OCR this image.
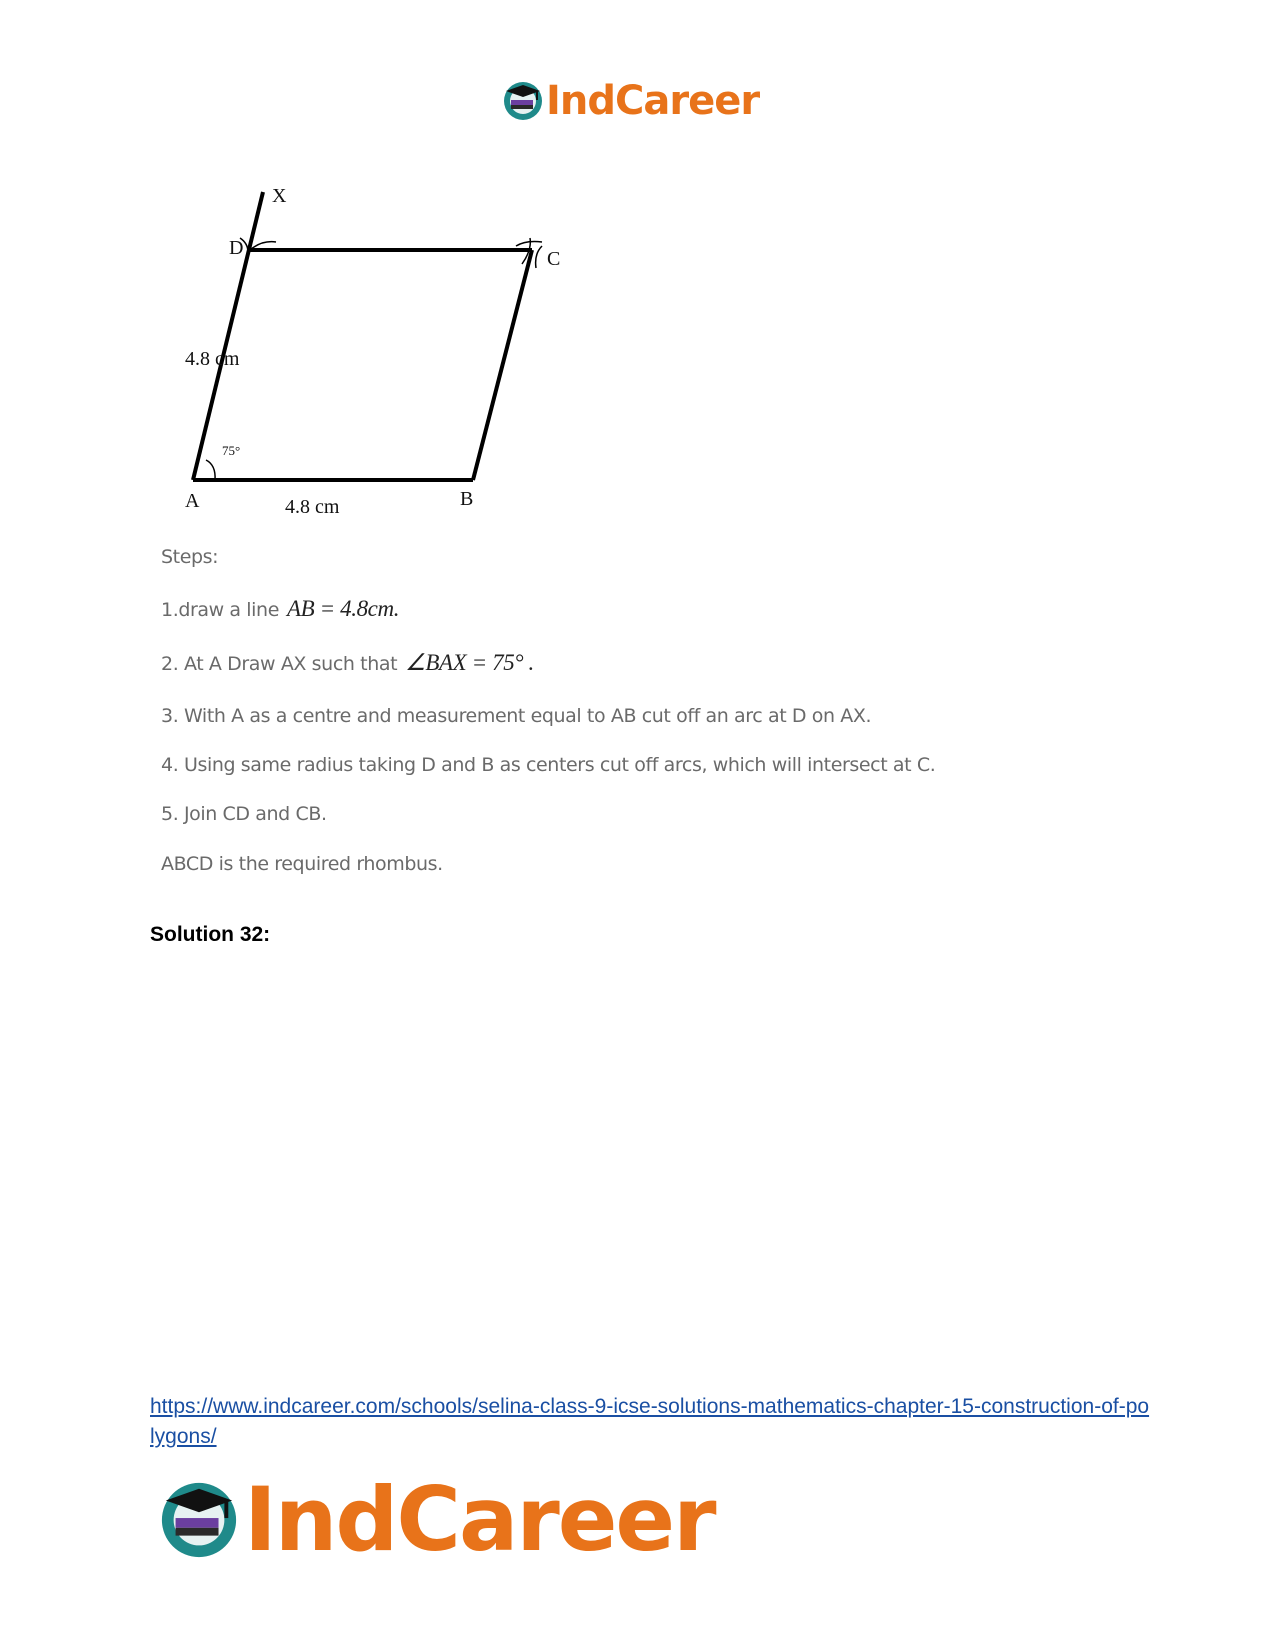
IndCareer
X
D	C
A	B
4.8 cm
4.8 cm
75°
Steps:
1.draw a line AB = 4.8cm.
2. At A Draw AX such that ∠BAX = 75° .
3. With A as a centre and measurement equal to AB cut off an arc at D on AX.
4. Using same radius taking D and B as centers cut off arcs, which will intersect at C.
5. Join CD and CB.
ABCD is the required rhombus.
Solution 32:
https://www.indcareer.com/schools/selina-class-9-icse-solutions-mathematics-chapter-15-construction-of-polygons/
IndCareer
